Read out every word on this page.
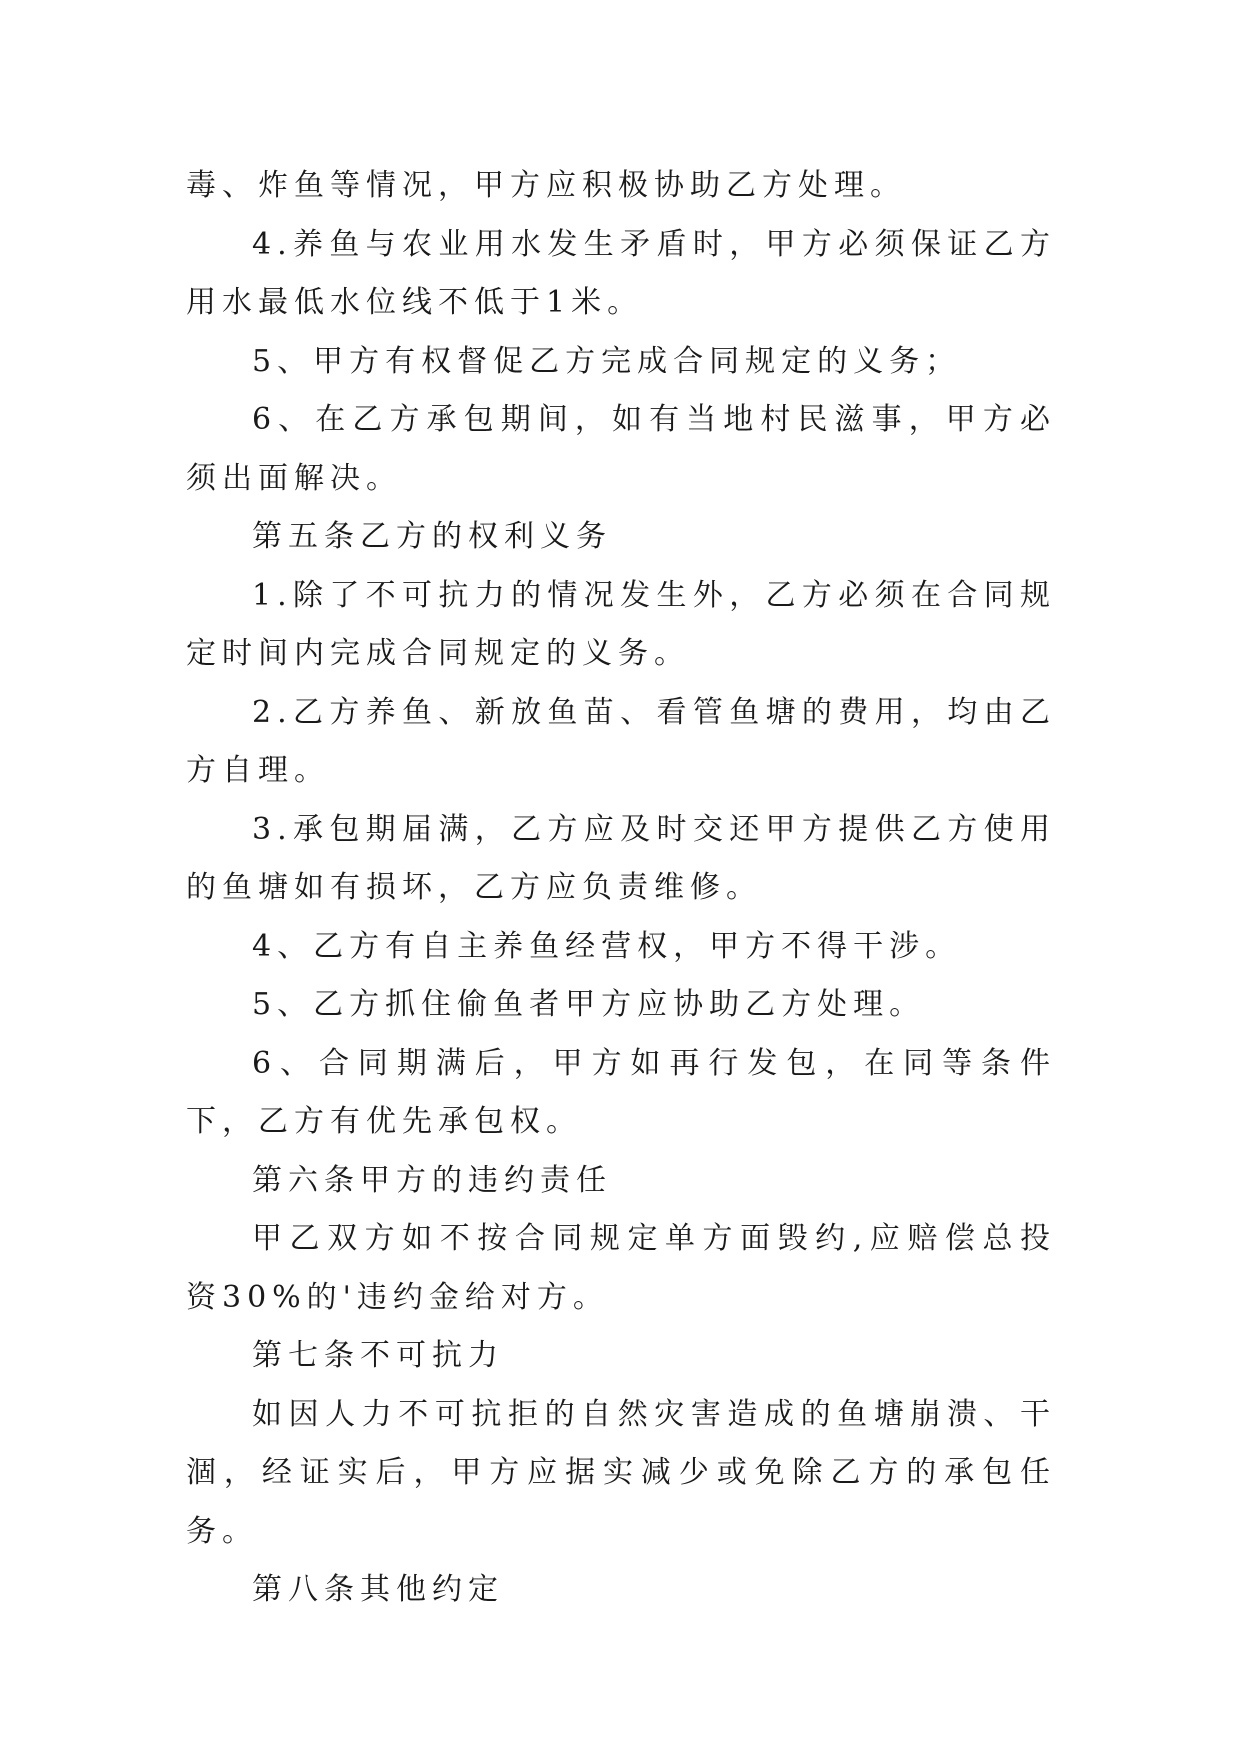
毒、炸鱼等情况，甲方应积极协助乙方处理。

4.养鱼与农业用水发生矛盾时，甲方必须保证乙方用水最低水位线不低于1米。

5、甲方有权督促乙方完成合同规定的义务；

6、在乙方承包期间，如有当地村民滋事，甲方必须出面解决。

第五条乙方的权利义务

1.除了不可抗力的情况发生外，乙方必须在合同规定时间内完成合同规定的义务。

2.乙方养鱼、新放鱼苗、看管鱼塘的费用，均由乙方自理。

3.承包期届满，乙方应及时交还甲方提供乙方使用的鱼塘如有损坏，乙方应负责维修。

4、乙方有自主养鱼经营权，甲方不得干涉。

5、乙方抓住偷鱼者甲方应协助乙方处理。

6、合同期满后，甲方如再行发包，在同等条件下，乙方有优先承包权。

第六条甲方的违约责任

甲乙双方如不按合同规定单方面毁约,应赔偿总投资30%的'违约金给对方。

第七条不可抗力

如因人力不可抗拒的自然灾害造成的鱼塘崩溃、干涸，经证实后，甲方应据实减少或免除乙方的承包任务。

第八条其他约定
